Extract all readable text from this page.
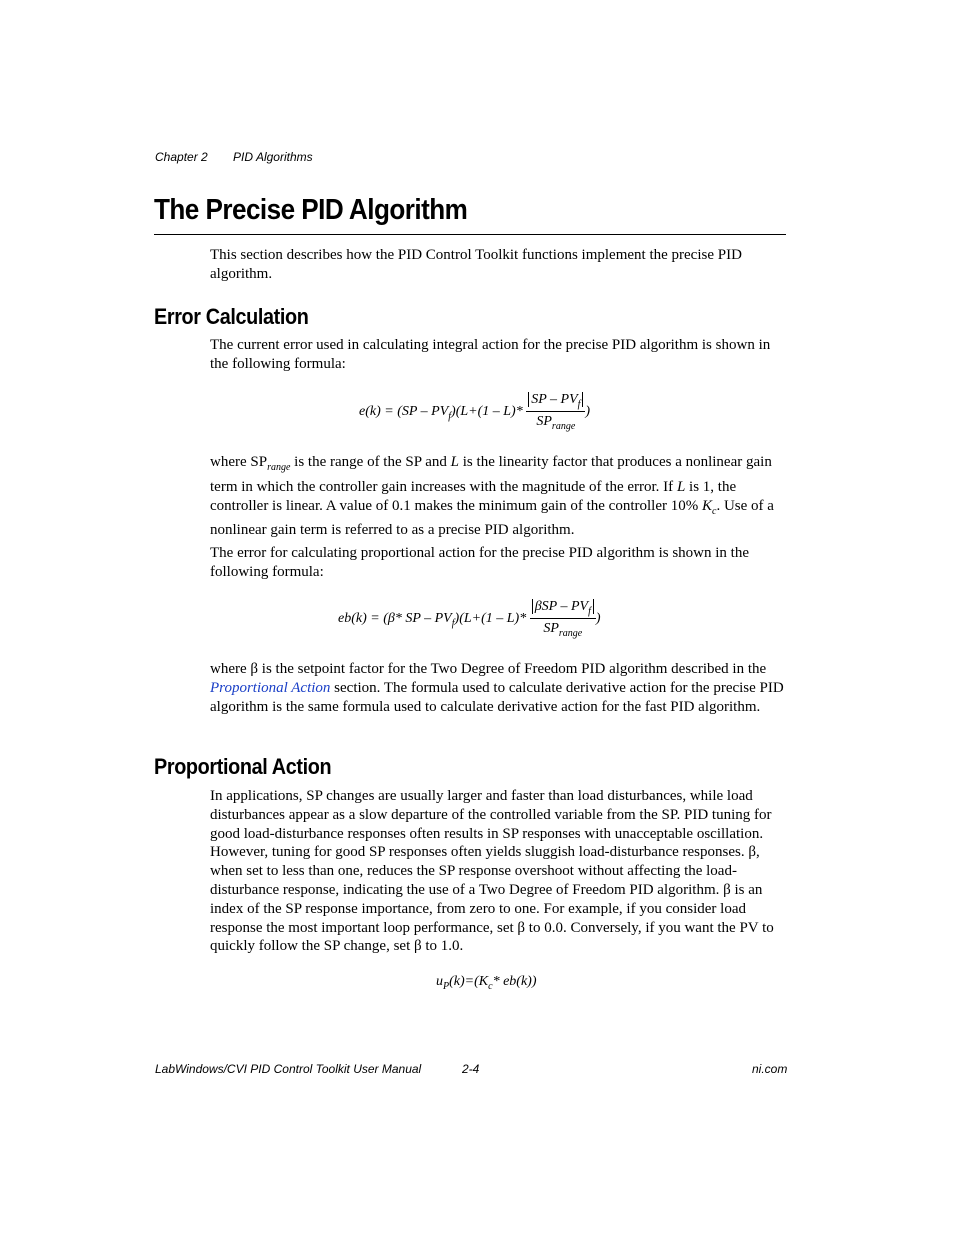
Chapter 2 PID Algorithms
The Precise PID Algorithm

This section describes how the PID Control Toolkit functions implement the precise PID algorithm.

Error Calculation

The current error used in calculating integral action for the precise PID algorithm is shown in the following formula:

$e(k) = (SP - PV_f)(L+(1 - L)* \frac{SP - PV_f}{SP_{range}}$ )

where $SP_{range}$ is the range of the SP and L is the linearity factor that produces a nonlinear gain term in which the controller gain increases with the magnitude of the error. If L is 1, the controller is linear. A value of 0.1 makes the minimum gain of the controller 10% $K_c$. Use of a nonlinear gain term is referred to as a precise PID algorithm.

The error for calculating proportional action for the precise PID algorithm is shown in the following formula:

eb(k) = (β* SP – $PV_f)(L+(1 - L)* \frac{\beta SP - PV_f}{SP_{range}}$ )

where β is the setpoint factor for the Two Degree of Freedom PID algorithm described in the Proportional Action section. The formula used to calculate derivative action for the precise PID algorithm is the same formula used to calculate derivative action for the fast PID algorithm.

Proportional Action

In applications, SP changes are usually larger and faster than load disturbances, while load disturbances appear as a slow departure of the controlled variable from the SP. PID tuning for good load-disturbance responses often results in SP responses with unacceptable oscillation. However, tuning for good SP responses often yields sluggish load-disturbance responses. β, when set to less than one, reduces the SP response overshoot without affecting the load-disturbance response, indicating the use of a Two Degree of Freedom PID algorithm. β is an index of the SP response importance, from zero to one. For example, if you consider load response the most important loop performance, set β to 0.0. Conversely, if you want the PV to quickly follow the SP change, set β to 1.0.

$u_P(k)=(K_c*$ eb(k))
LabWindows/CVI PID Control Toolkit User Manual	2-4	ni.com
